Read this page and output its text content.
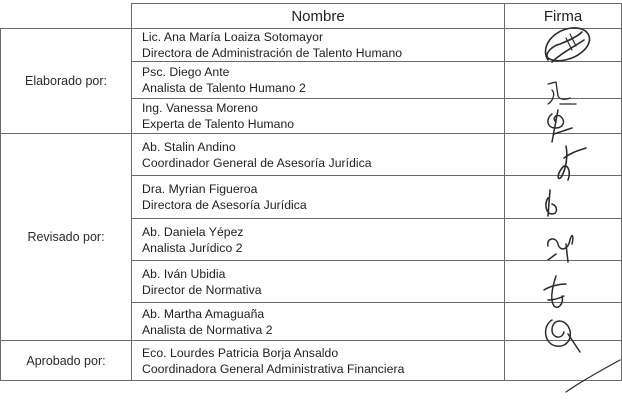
	Nombre	Firma
Elaborado por:	Lic. Ana María Loaiza Sotomayor
Directora de Administración de Talento Humano	

	Psc. Diego Ante
Analista de Talento Humano 2	

	Ing. Vanessa Moreno
Experta de Talento Humano	

Revisado por:	Ab. Stalin Andino
Coordinador General de Asesoría Jurídica	

	Dra. Myrian Figueroa
Directora de Asesoría Jurídica	

	Ab. Daniela Yépez
Analista Jurídico 2	

	Ab. Iván Ubidia
Director de Normativa	

	Ab. Martha Amaguaña
Analista de Normativa 2	

Aprobado por:	Eco. Lourdes Patricia Borja Ansaldo
Coordinadora General Administrativa Financiera	
